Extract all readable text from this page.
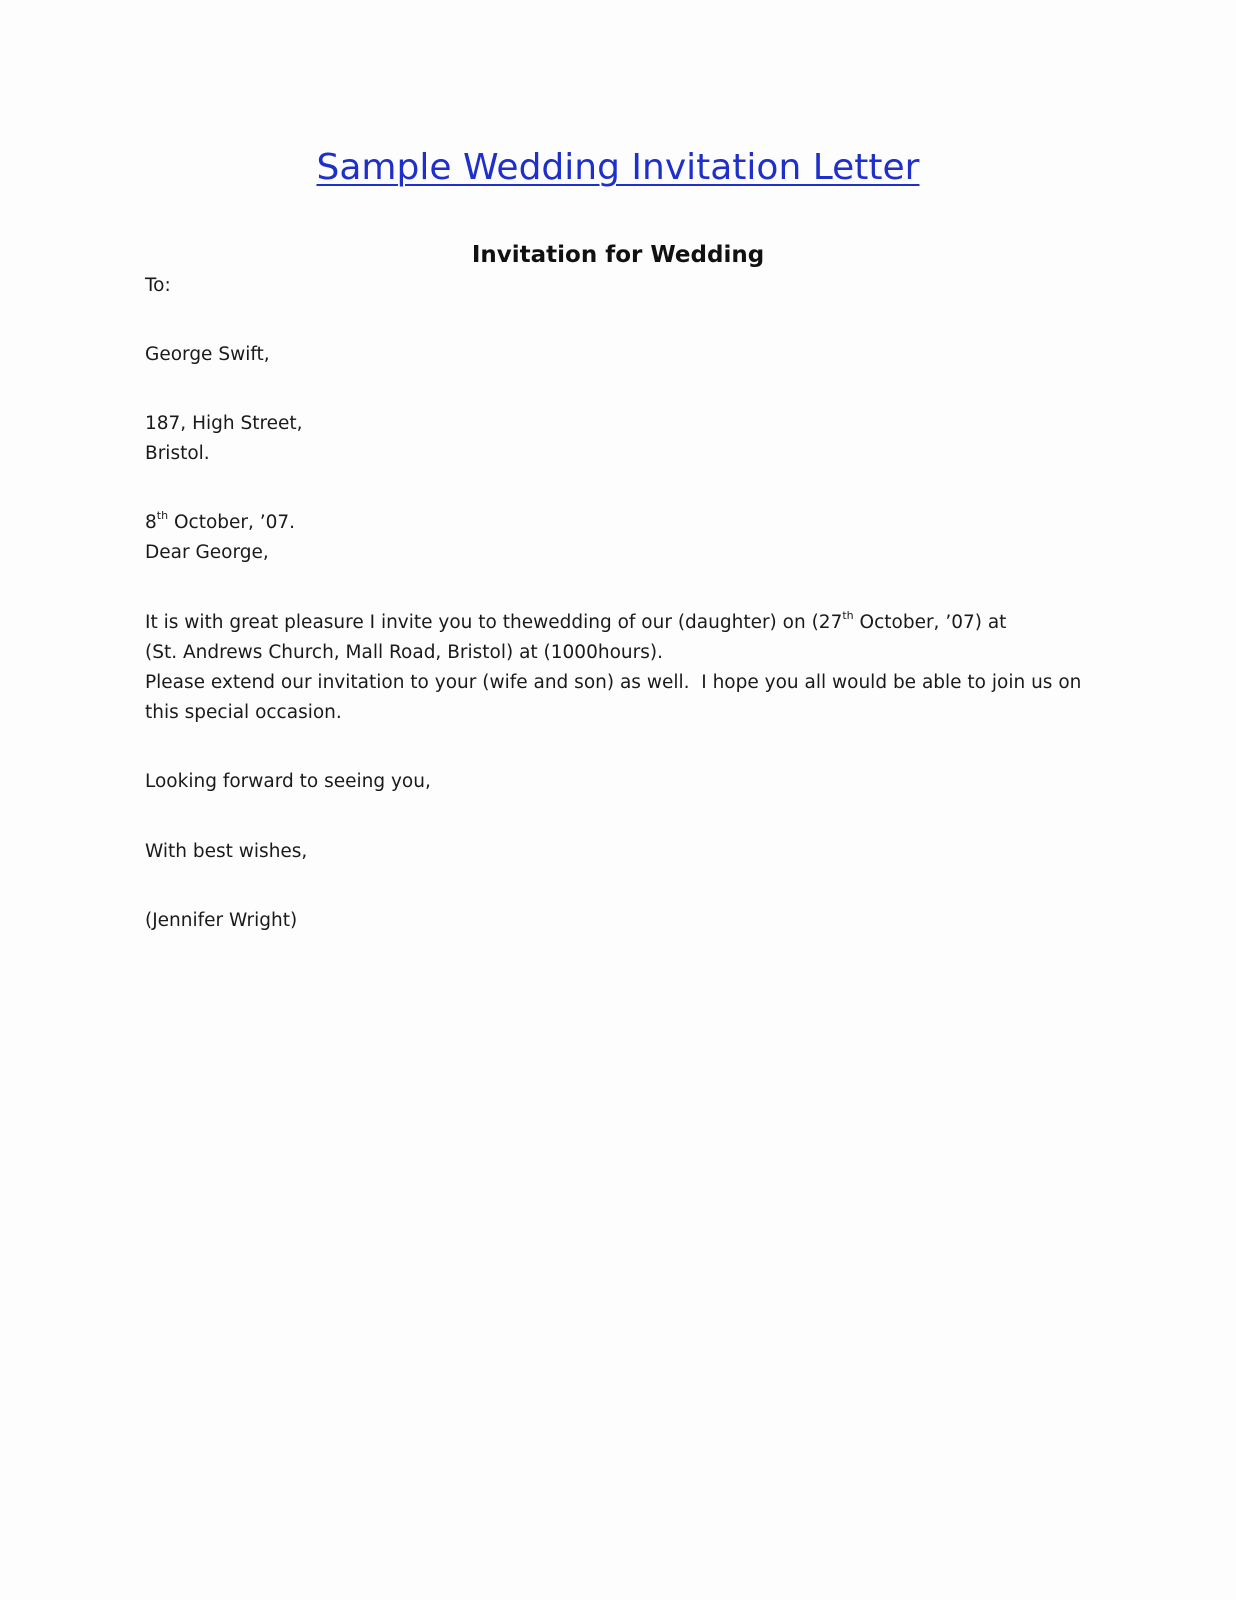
Sample Wedding Invitation Letter
Invitation for Wedding
To:
George Swift,
187, High Street,
Bristol.
8th October, ’07.
Dear George,
It is with great pleasure I invite you to thewedding of our (daughter) on (27th October, ’07) at
(St. Andrews Church, Mall Road, Bristol) at (1000hours).
Please extend our invitation to your (wife and son) as well.  I hope you all would be able to join us on
this special occasion.
Looking forward to seeing you,
With best wishes,
(Jennifer Wright)
